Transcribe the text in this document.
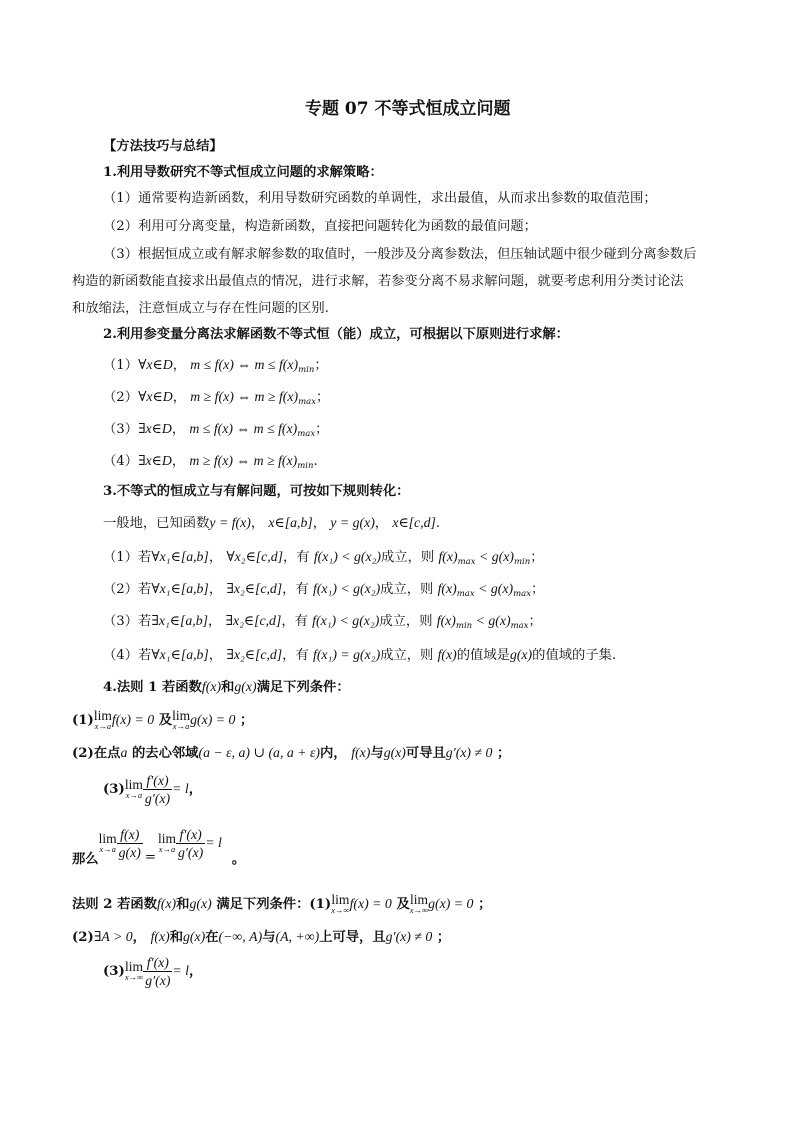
专题 07 不等式恒成立问题
【方法技巧与总结】
1.利用导数研究不等式恒成立问题的求解策略：
（1）通常要构造新函数，利用导数研究函数的单调性，求出最值，从而求出参数的取值范围；
（2）利用可分离变量，构造新函数，直接把问题转化为函数的最值问题；
（3）根据恒成立或有解求解参数的取值时，一般涉及分离参数法，但压轴试题中很少碰到分离参数后
构造的新函数能直接求出最值点的情况，进行求解，若参变分离不易求解问题，就要考虑利用分类讨论法
和放缩法，注意恒成立与存在性问题的区别.
2.利用参变量分离法求解函数不等式恒（能）成立，可根据以下原则进行求解：
（1）∀x∈D， m ≤ f(x) ⇔ $m \le f(x)_{min}$；
（2）∀x∈D， m ≥ f(x) ⇔ $m \ge f(x)_{max}$；
（3）∃x∈D， m ≤ f(x) ⇔ $m \le f(x)_{max}$；
（4）∃x∈D， m ≥ f(x) ⇔ $m \ge f(x)_{min}$.
3.不等式的恒成立与有解问题，可按如下规则转化：
一般地，已知函数y = f(x)， x∈[a,b]， y = g(x)， x∈[c,d].
（1）若∀x₁∈[a,b]， ∀x₂∈[c,d]，有 f(x₁) < g(x₂)成立，则 $f(x)_{max} < g(x)_{min}$；
（2）若∀x₁∈[a,b]， ∃x₂∈[c,d]，有 f(x₁) < g(x₂)成立，则 $f(x)_{max} < g(x)_{max}$；
（3）若∃x₁∈[a,b]， ∃x₂∈[c,d]，有 f(x₁) < g(x₂)成立，则 $f(x)_{min} < g(x)_{max}$；
（4）若∀x₁∈[a,b]， ∃x₂∈[c,d]，有 f(x₁) = g(x₂)成立，则 f(x)的值域是g(x)的值域的子集.
4.法则 1 若函数f(x)和g(x)满足下列条件：
(1) lim
x→a f(x) = 0 及 lim
x→a g(x) = 0 ；
(2)在点a 的去心邻域(a − ε, a) ∪ (a, a + ε)内， f(x)与g(x)可导且g′(x) ≠ 0 ；
(3) lim
$x\to a \frac{f'(x)}{g'(x)} = l$，
那么
lim
$x\to a \frac{f(x)}{g(x)}$ =
lim
$x\to a \frac{f'(x)}{g'(x)} = l$。
法则 2 若函数f(x)和g(x) 满足下列条件：(1) lim
x→∞ f(x) = 0 及 lim
x→∞ g(x) = 0 ；
(2)∃A > 0， f(x)和g(x)在(−∞, A)与(A, +∞)上可导，且g′(x) ≠ 0 ；
(3) lim
$x\to\infty \frac{f'(x)}{g'(x)} = l$，
